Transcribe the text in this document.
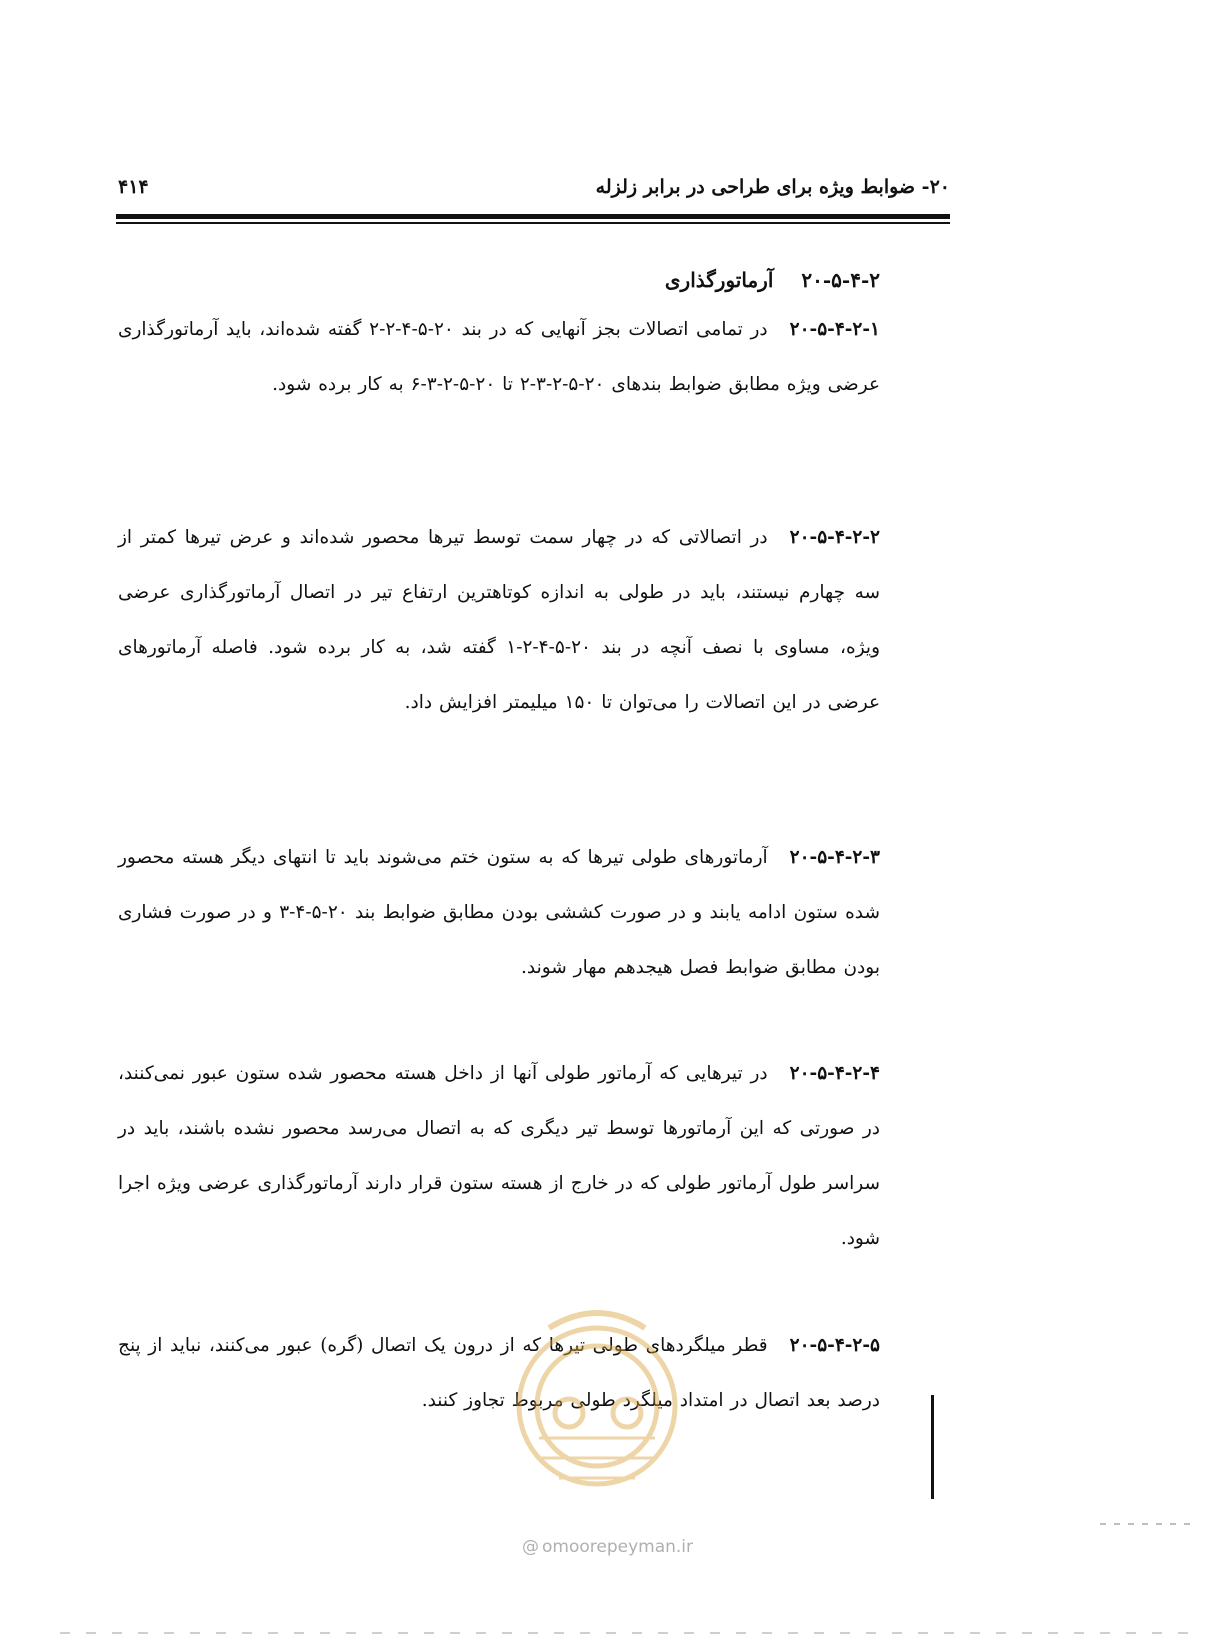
۲۰- ضوابط ویژه برای طراحی در برابر زلزله
۴۱۴
۲۰-۵-۴-۲آرماتورگذاری
۲۰-۵-۴-۲-۱در تمامی اتصالات بجز آنهایی که در بند ۲۰-۵-۴-۲-۲ گفته شده‌اند، باید آرماتورگذاری عرضی ویژه مطابق ضوابط بندهای ۲۰-۵-۲-۳-۲ تا ۲۰-۵-۲-۳-۶ به کار برده شود.
۲۰-۵-۴-۲-۲در اتصالاتی که در چهار سمت توسط تیرها محصور شده‌اند و عرض تیرها کمتر از سه چهارم نیستند، باید در طولی به اندازه کوتاهترین ارتفاع تیر در اتصال آرماتورگذاری عرضی ویژه، مساوی با نصف آنچه در بند ۲۰-۵-۴-۲-۱ گفته شد، به کار برده شود. فاصله آرماتورهای عرضی در این اتصالات را می‌توان تا ۱۵۰ میلیمتر افزایش داد.
۲۰-۵-۴-۲-۳آرماتورهای طولی تیرها که به ستون ختم می‌شوند باید تا انتهای دیگر هسته محصور شده ستون ادامه یابند و در صورت کششی بودن مطابق ضوابط بند ۲۰-۵-۴-۳ و در صورت فشاری بودن مطابق ضوابط فصل هیجدهم مهار شوند.
۲۰-۵-۴-۲-۴در تیرهایی که آرماتور طولی آنها از داخل هسته محصور شده ستون عبور نمی‌کنند، در صورتی که این آرماتورها توسط تیر دیگری که به اتصال می‌رسد محصور نشده باشند، باید در سراسر طول آرماتور طولی که در خارج از هسته ستون قرار دارند آرماتورگذاری عرضی ویژه اجرا شود.
۲۰-۵-۴-۲-۵قطر میلگردهای طولی تیرها که از درون یک اتصال (گره) عبور می‌کنند، نباید از پنج درصد بعد اتصال در امتداد میلگرد طولی مربوط تجاوز کنند.
@ omoorepeyman.ir
